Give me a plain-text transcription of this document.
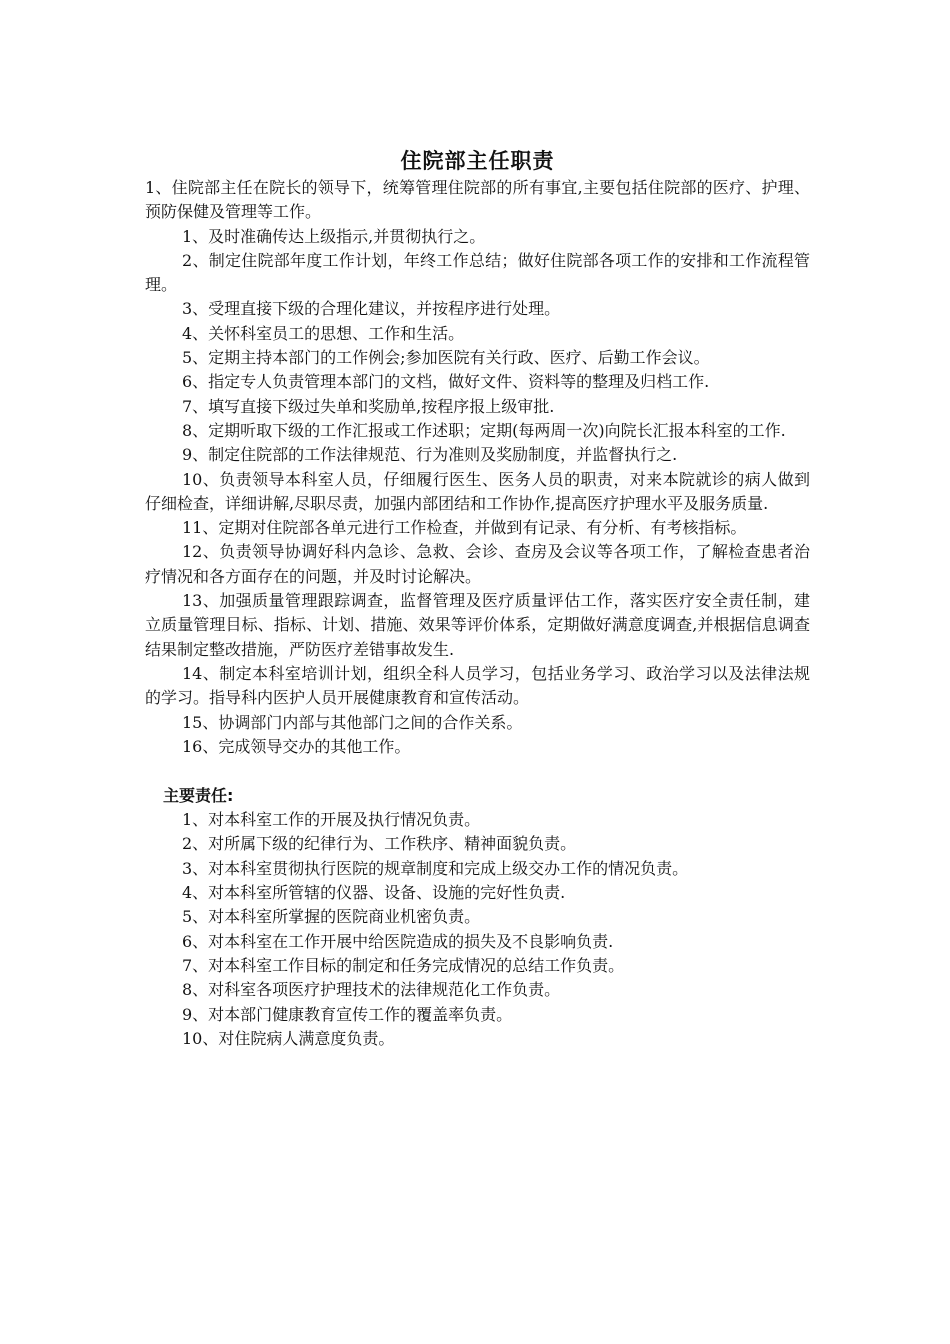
住院部主任职责

1、住院部主任在院长的领导下，统筹管理住院部的所有事宜,主要包括住院部的医疗、护理、预防保健及管理等工作。

1、及时准确传达上级指示,并贯彻执行之。

2、制定住院部年度工作计划，年终工作总结；做好住院部各项工作的安排和工作流程管理。

3、受理直接下级的合理化建议，并按程序进行处理。

4、关怀科室员工的思想、工作和生活。

5、定期主持本部门的工作例会;参加医院有关行政、医疗、后勤工作会议。

6、指定专人负责管理本部门的文档，做好文件、资料等的整理及归档工作.

7、填写直接下级过失单和奖励单,按程序报上级审批.

8、定期听取下级的工作汇报或工作述职；定期(每两周一次)向院长汇报本科室的工作.

9、制定住院部的工作法律规范、行为准则及奖励制度，并监督执行之.

10、负责领导本科室人员，仔细履行医生、医务人员的职责，对来本院就诊的病人做到仔细检查，详细讲解,尽职尽责，加强内部团结和工作协作,提高医疗护理水平及服务质量.

11、定期对住院部各单元进行工作检查，并做到有记录、有分析、有考核指标。

12、负责领导协调好科内急诊、急救、会诊、查房及会议等各项工作，了解检查患者治疗情况和各方面存在的问题，并及时讨论解决。

13、加强质量管理跟踪调查，监督管理及医疗质量评估工作，落实医疗安全责任制，建立质量管理目标、指标、计划、措施、效果等评价体系，定期做好满意度调查,并根据信息调查结果制定整改措施，严防医疗差错事故发生.

14、制定本科室培训计划，组织全科人员学习，包括业务学习、政治学习以及法律法规的学习。指导科内医护人员开展健康教育和宣传活动。

15、协调部门内部与其他部门之间的合作关系。

16、完成领导交办的其他工作。

主要责任:

1、对本科室工作的开展及执行情况负责。

2、对所属下级的纪律行为、工作秩序、精神面貌负责。

3、对本科室贯彻执行医院的规章制度和完成上级交办工作的情况负责。

4、对本科室所管辖的仪器、设备、设施的完好性负责.

5、对本科室所掌握的医院商业机密负责。

6、对本科室在工作开展中给医院造成的损失及不良影响负责.

7、对本科室工作目标的制定和任务完成情况的总结工作负责。

8、对科室各项医疗护理技术的法律规范化工作负责。

9、对本部门健康教育宣传工作的覆盖率负责。

10、对住院病人满意度负责。
